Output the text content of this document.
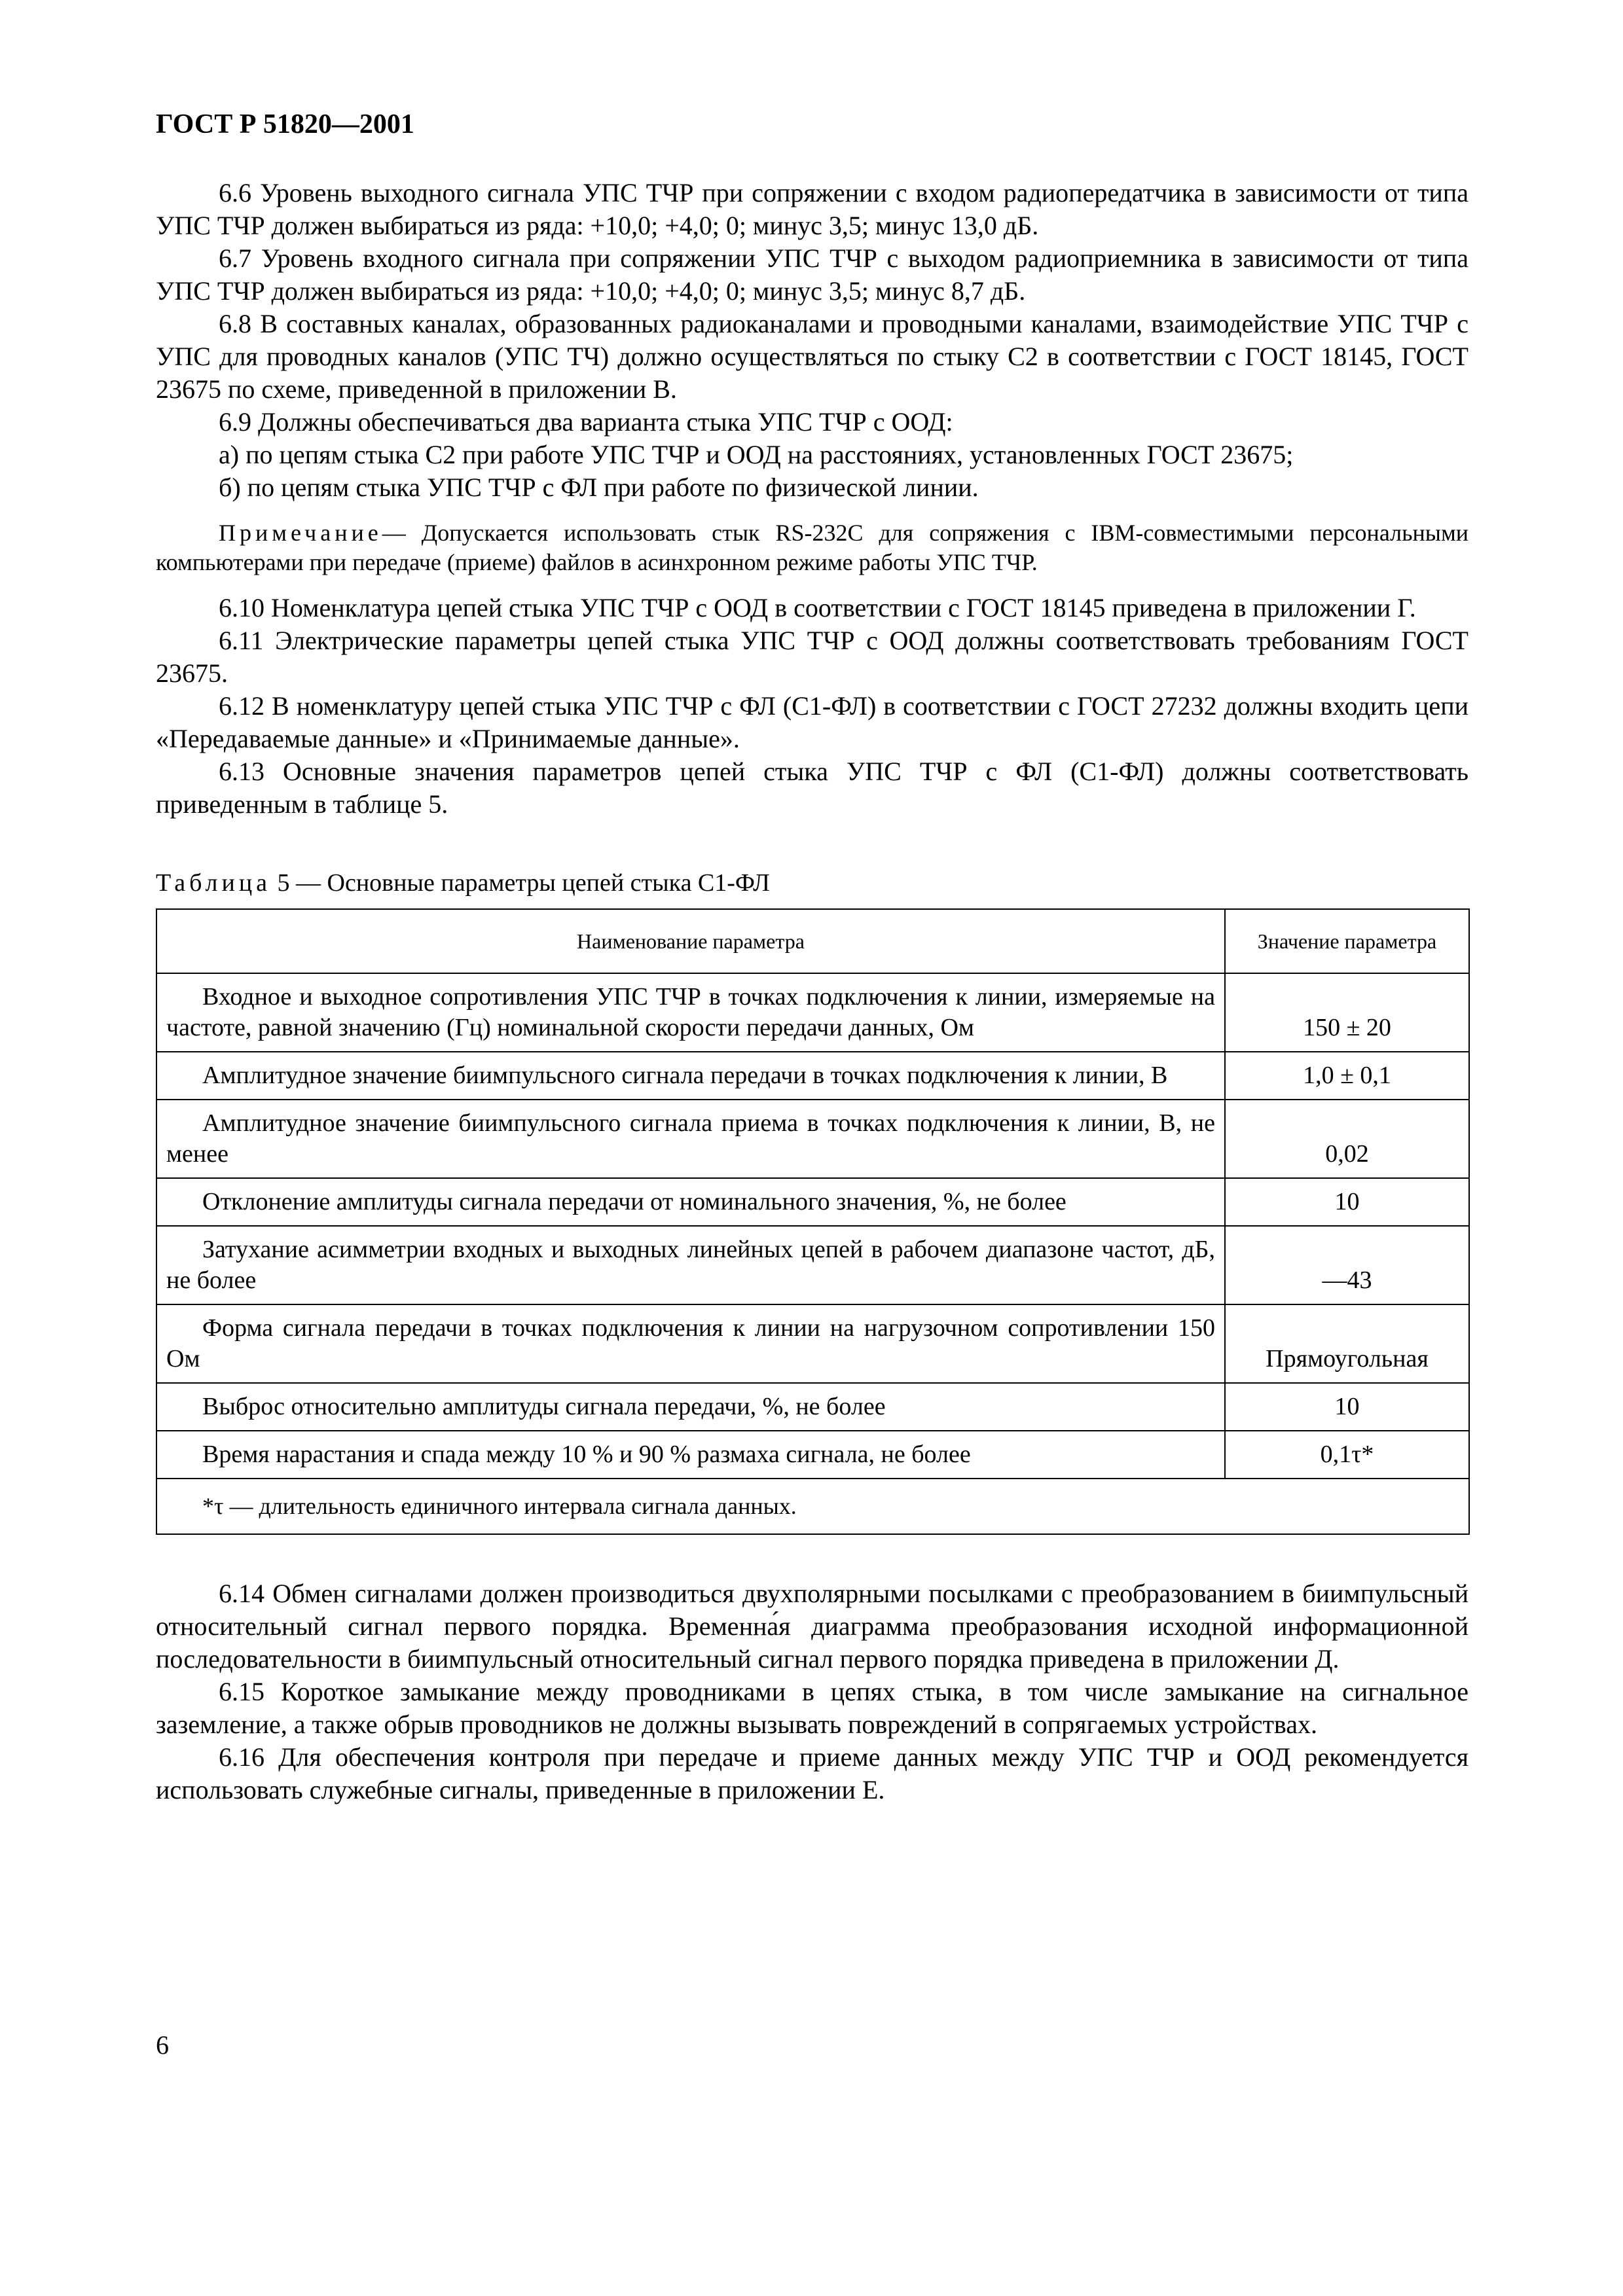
ГОСТ Р 51820—2001

6.6 Уровень выходного сигнала УПС ТЧР при сопряжении с входом радиопередатчика в зависимости от типа УПС ТЧР должен выбираться из ряда: +10,0; +4,0; 0; минус 3,5; минус 13,0 дБ.

6.7 Уровень входного сигнала при сопряжении УПС ТЧР с выходом радиоприемника в зависимости от типа УПС ТЧР должен выбираться из ряда: +10,0; +4,0; 0; минус 3,5; минус 8,7 дБ.

6.8 В составных каналах, образованных радиоканалами и проводными каналами, взаимодействие УПС ТЧР с УПС для проводных каналов (УПС ТЧ) должно осуществляться по стыку С2 в соответствии с ГОСТ 18145, ГОСТ 23675 по схеме, приведенной в приложении В.

6.9 Должны обеспечиваться два варианта стыка УПС ТЧР с ООД:

а) по цепям стыка С2 при работе УПС ТЧР и ООД на расстояниях, установленных ГОСТ 23675;

б) по цепям стыка УПС ТЧР с ФЛ при работе по физической линии.

Примечание— Допускается использовать стык RS-232C для сопряжения с IBM-совместимыми персональными компьютерами при передаче (приеме) файлов в асинхронном режиме работы УПС ТЧР.

6.10 Номенклатура цепей стыка УПС ТЧР с ООД в соответствии с ГОСТ 18145 приведена в приложении Г.

6.11 Электрические параметры цепей стыка УПС ТЧР с ООД должны соответствовать требованиям ГОСТ 23675.

6.12 В номенклатуру цепей стыка УПС ТЧР с ФЛ (С1-ФЛ) в соответствии с ГОСТ 27232 должны входить цепи «Передаваемые данные» и «Принимаемые данные».

6.13 Основные значения параметров цепей стыка УПС ТЧР с ФЛ (С1-ФЛ) должны соответствовать приведенным в таблице 5.

Таблица 5 — Основные параметры цепей стыка С1-ФЛ
Наименование параметра	Значение параметра
Входное и выходное сопротивления УПС ТЧР в точках подключения к линии, измеряемые на частоте, равной значению (Гц) номинальной скорости передачи данных, Ом	150 ± 20
Амплитудное значение биимпульсного сигнала передачи в точках подключения к линии, В	1,0 ± 0,1
Амплитудное значение биимпульсного сигнала приема в точках подключения к линии, В, не менее	0,02
Отклонение амплитуды сигнала передачи от номинального значения, %, не более	10
Затухание асимметрии входных и выходных линейных цепей в рабочем диапазоне частот, дБ, не более	—43
Форма сигнала передачи в точках подключения к линии на нагрузочном сопротивлении 150 Ом	Прямоугольная
Выброс относительно амплитуды сигнала передачи, %, не более	10
Время нарастания и спада между 10 % и 90 % размаха сигнала, не более	0,1τ*
*τ — длительность единичного интервала сигнала данных.	

6.14 Обмен сигналами должен производиться двухполярными посылками с преобразованием в биимпульсный относительный сигнал первого порядка. Временна́я диаграмма преобразования исходной информационной последовательности в биимпульсный относительный сигнал первого порядка приведена в приложении Д.

6.15 Короткое замыкание между проводниками в цепях стыка, в том числе замыкание на сигнальное заземление, а также обрыв проводников не должны вызывать повреждений в сопрягаемых устройствах.

6.16 Для обеспечения контроля при передаче и приеме данных между УПС ТЧР и ООД рекомендуется использовать служебные сигналы, приведенные в приложении Е.

6
